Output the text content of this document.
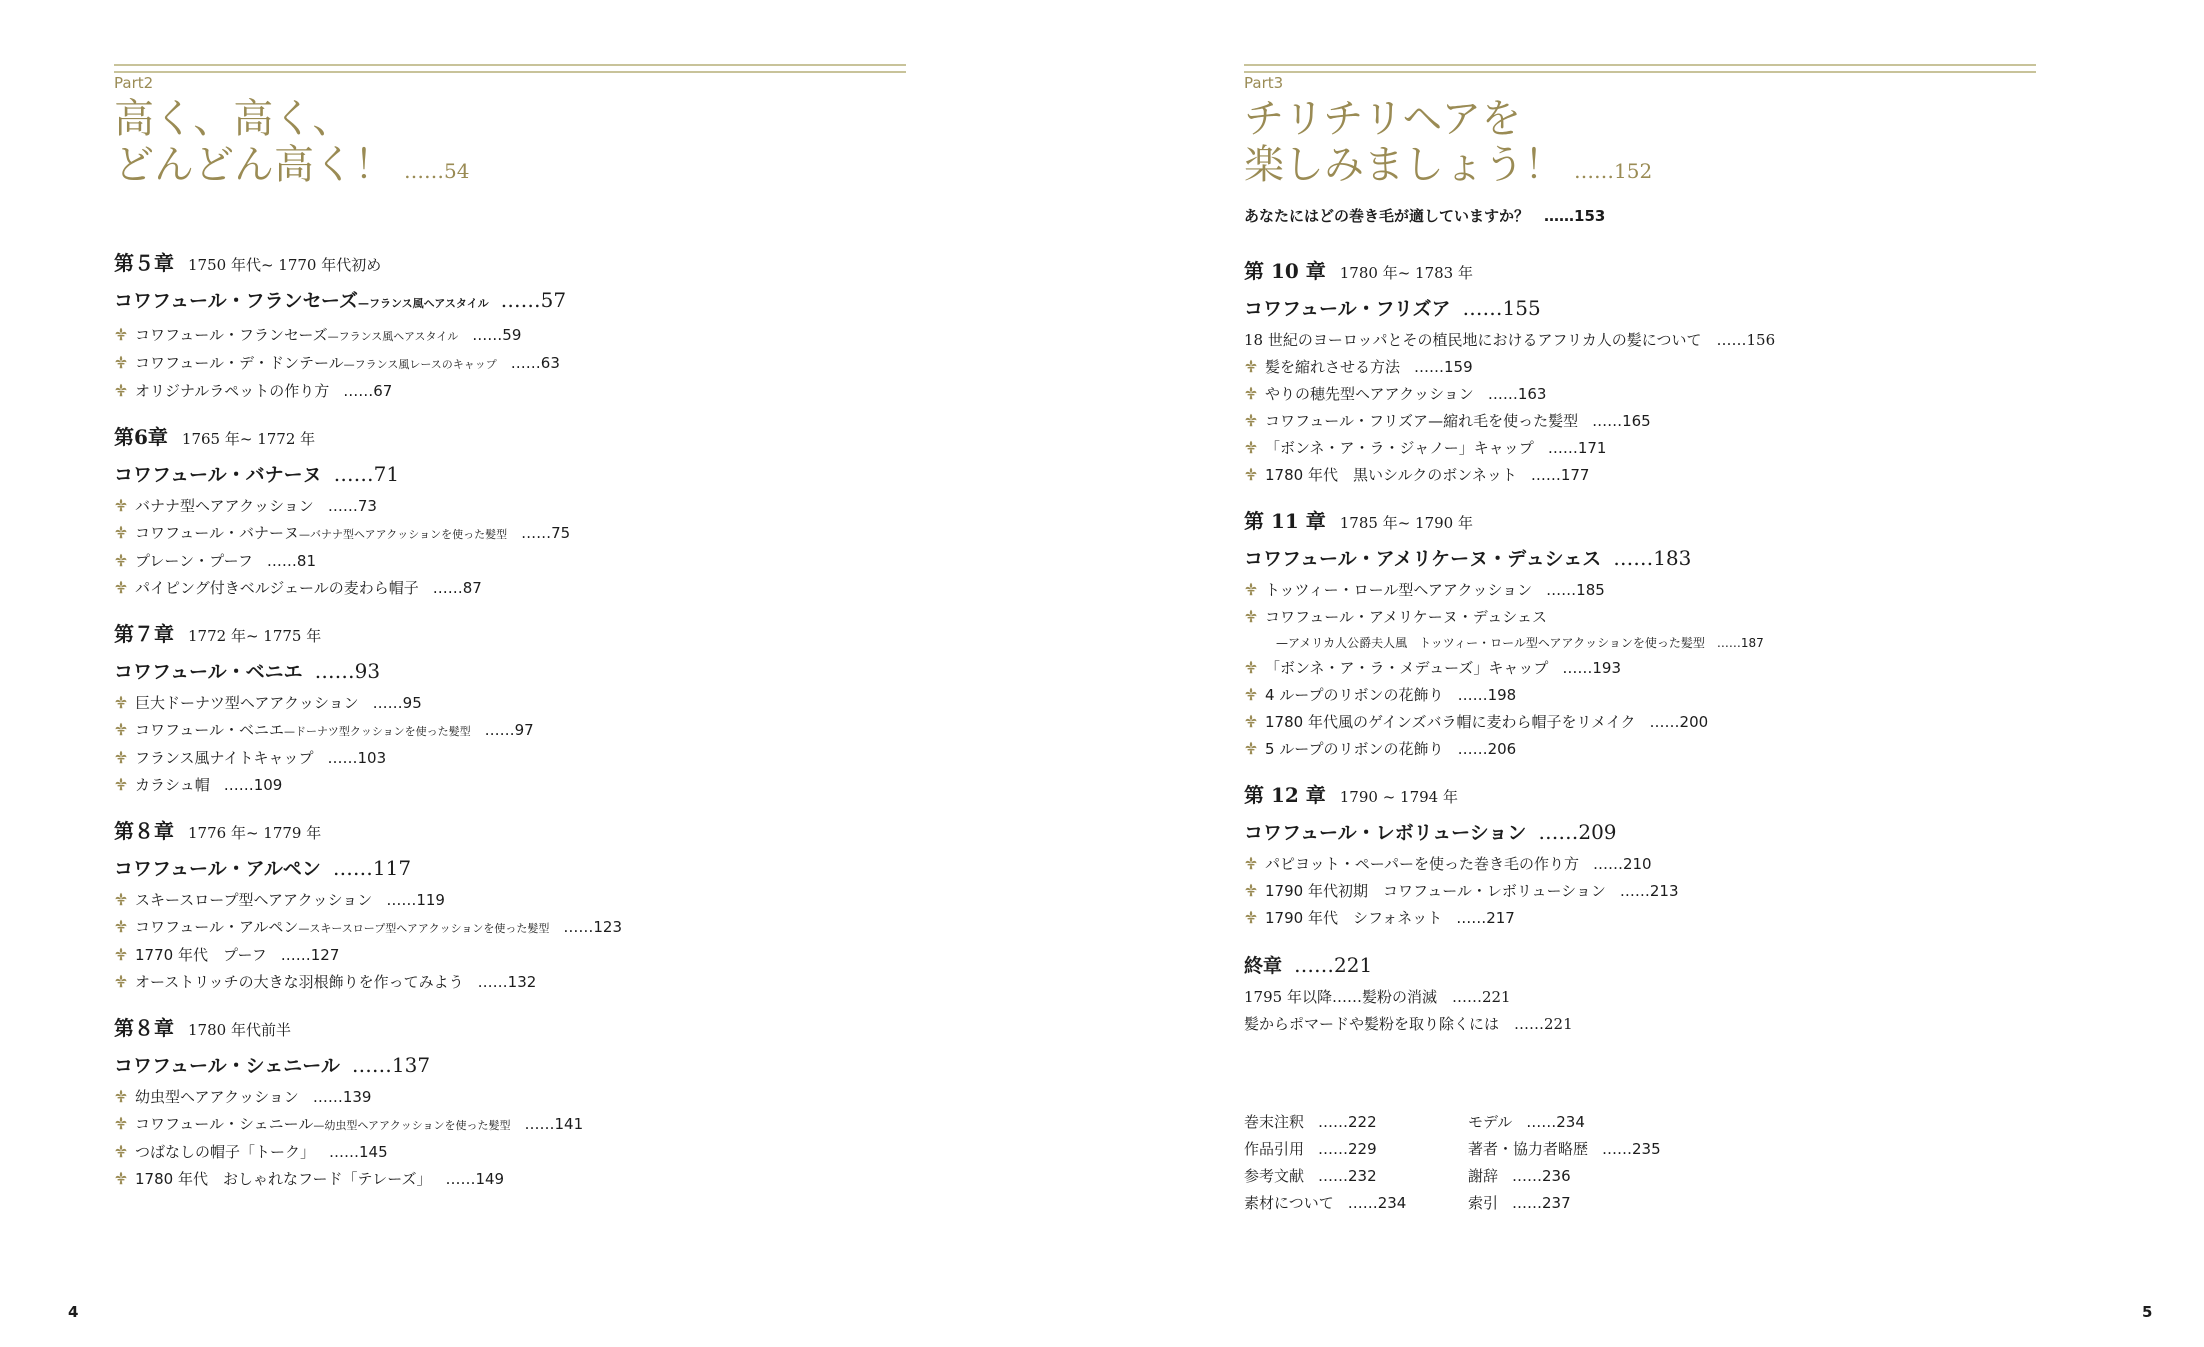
Part2
高く、高く、
どんどん高く！ ……54
第５章 1750 年代~ 1770 年代初め
コワフュール・フランセーズ—フランス風ヘアスタイル ……57
コワフュール・フランセーズ—フランス風ヘアスタイル ……59
コワフュール・デ・ドンテール—フランス風レースのキャップ ……63
オリジナルラペットの作り方 ……67
第6章 1765 年~ 1772 年
コワフュール・バナーヌ ……71
バナナ型ヘアアクッション ……73
コワフュール・バナーヌ—バナナ型ヘアアクッションを使った髪型 ……75
プレーン・プーフ ……81
パイピング付きベルジェールの麦わら帽子 ……87
第７章 1772 年~ 1775 年
コワフュール・ベニエ ……93
巨大ドーナツ型ヘアアクッション ……95
コワフュール・ベニエ—ドーナツ型クッションを使った髪型 ……97
フランス風ナイトキャップ ……103
カラシュ帽 ……109
第８章 1776 年~ 1779 年
コワフュール・アルペン ……117
スキースロープ型ヘアアクッション ……119
コワフュール・アルペン—スキースロープ型ヘアアクッションを使った髪型 ……123
1770 年代　プーフ ……127
オーストリッチの大きな羽根飾りを作ってみよう ……132
第８章 1780 年代前半
コワフュール・シェニール ……137
幼虫型ヘアアクッション ……139
コワフュール・シェニール—幼虫型ヘアアクッションを使った髪型 ……141
つばなしの帽子「トーク」 ……145
1780 年代　おしゃれなフード「テレーズ」 ……149
4
Part3
チリチリヘアを
楽しみましょう！ ……152
あなたにはどの巻き毛が適していますか？　……153
第 10 章 1780 年~ 1783 年
コワフュール・フリズア ……155
18 世紀のヨーロッパとその植民地におけるアフリカ人の髪について　……156
髪を縮れさせる方法 ……159
やりの穂先型ヘアアクッション ……163
コワフュール・フリズア—縮れ毛を使った髪型 ……165
「ボンネ・ア・ラ・ジャノー」キャップ ……171
1780 年代　黒いシルクのボンネット ……177
第 11 章 1785 年~ 1790 年
コワフュール・アメリケーヌ・デュシェス ……183
トッツィー・ロール型ヘアアクッション ……185
コワフュール・アメリケーヌ・デュシェス
—アメリカ人公爵夫人風　トッツィー・ロール型ヘアアクッションを使った髪型 ……187
「ボンネ・ア・ラ・メデューズ」キャップ ……193
4 ループのリボンの花飾り ……198
1780 年代風のゲインズバラ帽に麦わら帽子をリメイク ……200
5 ループのリボンの花飾り ……206
第 12 章 1790 ~ 1794 年
コワフュール・レボリューション ……209
パピヨット・ペーパーを使った巻き毛の作り方 ……210
1790 年代初期　コワフュール・レボリューション ……213
1790 年代　シフォネット ……217
終章 ……221
1795 年以降……髪粉の消滅　……221
髪からポマードや髪粉を取り除くには　……221
巻末注釈 ……222
作品引用 ……229
参考文献 ……232
素材について ……234
モデル ……234
著者・協力者略歴 ……235
謝辞 ……236
索引 ……237
5
